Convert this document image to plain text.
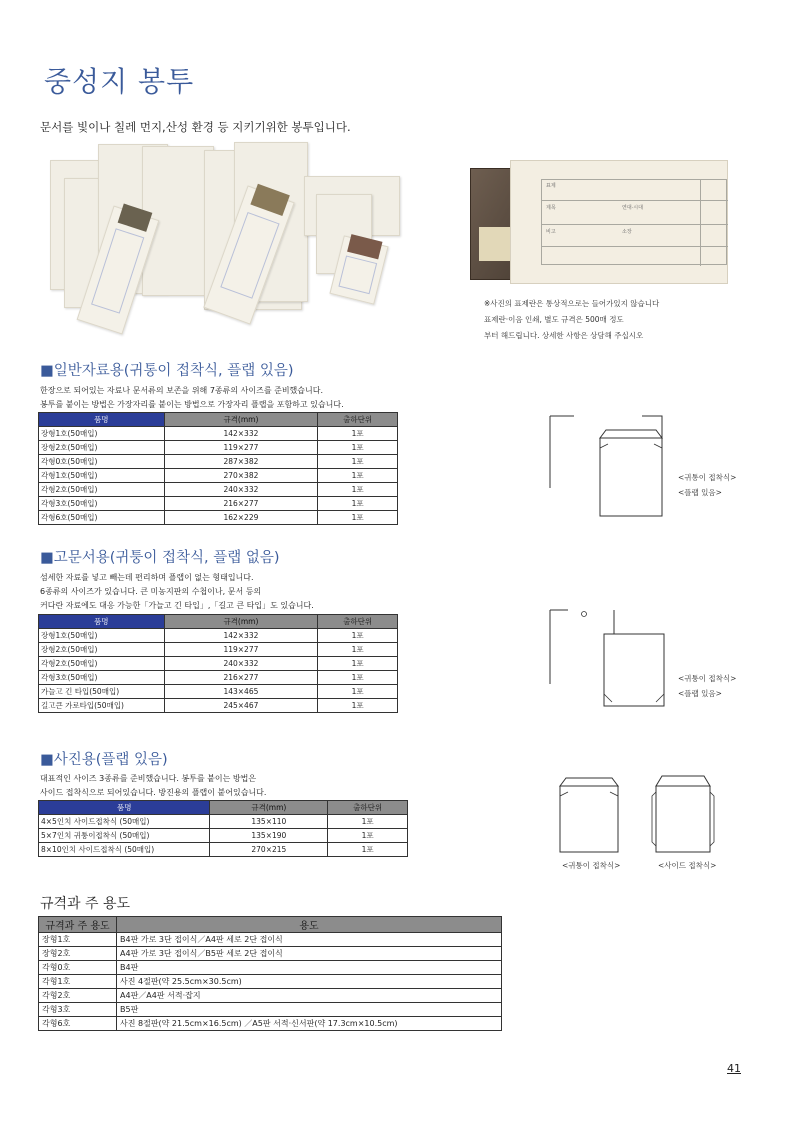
중성지 봉투
문서를 빛이나 칠레 먼지,산성 환경 등 지키기위한 봉투입니다.
표제
제목	연대·시대
비고	소장
※사진의 표제란은 통상적으로는 들어가있지 않습니다
표제란·이음 인쇄, 별도 규격은 500매 정도
부터 해드립니다. 상세한 사항은 상담해 주십시오
■일반자료용(귀통이 접착식, 플랩 있음)
한장으로 되어있는 자료나 문서류의 보존을 위해 7종류의 사이즈를 준비했습니다.
봉투를 붙이는 방법은 가장자리를 붙이는 방법으로 가장자리 플랩을 포함하고 있습니다.
품명	규격(mm)	출하단위
장형1호(50매입)	142×332	1포
장형2호(50매입)	119×277	1포
각형0호(50매입)	287×382	1포
각형1호(50매입)	270×382	1포
각형2호(50매입)	240×332	1포
각형3호(50매입)	216×277	1포
각형6호(50매입)	162×229	1포
<귀통이 접착식>
<플랩 있음>
■고문서용(귀퉁이 접착식, 플랩 없음)
섬세한 자료를 넣고 빼는데 편리하며 플랩이 없는 형태입니다.
6종류의 사이즈가 있습니다. 큰 미농지판의 수첩이나, 문서 등의
커다란 자료에도 대응 가능한「가늘고 긴 타입」,「길고 큰 타입」도 있습니다.
품명	규격(mm)	출하단위
장형1호(50매입)	142×332	1포
장형2호(50매입)	119×277	1포
각형2호(50매입)	240×332	1포
각형3호(50매입)	216×277	1포
가늘고 긴 타입(50매입)	143×465	1포
길고큰 가로타입(50매입)	245×467	1포
<귀퉁이 접착식>
<플랩 있음>
■사진용(플랩 있음)
대표적인 사이즈 3종류를 준비했습니다. 봉투를 붙이는 방법은
사이드 접착식으로 되어있습니다. 방진용의 플랩이 붙어있습니다.
품명	규격(mm)	출하단위
4×5인치 사이드접착식 (50매입)	135×110	1포
5×7인치 귀퉁이접착식 (50매입)	135×190	1포
8×10인치 사이드접착식 (50매입)	270×215	1포
<귀퉁이 접착식>	<사이드 접착식>
규격과 주 용도
규격과 주 용도	용도
장형1호	B4판 가로 3단 접이식／A4판 세로 2단 접이식
장형2호	A4판 가로 3단 접이식／B5판 세로 2단 접이식
각형0호	B4판
각형1호	사진 4절판(약 25.5cm×30.5cm)
각형2호	A4판／A4판 서적·잡지
각형3호	B5판
각형6호	사진 8절판(약 21.5cm×16.5cm) ／A5판 서적·신서판(약 17.3cm×10.5cm)
41
